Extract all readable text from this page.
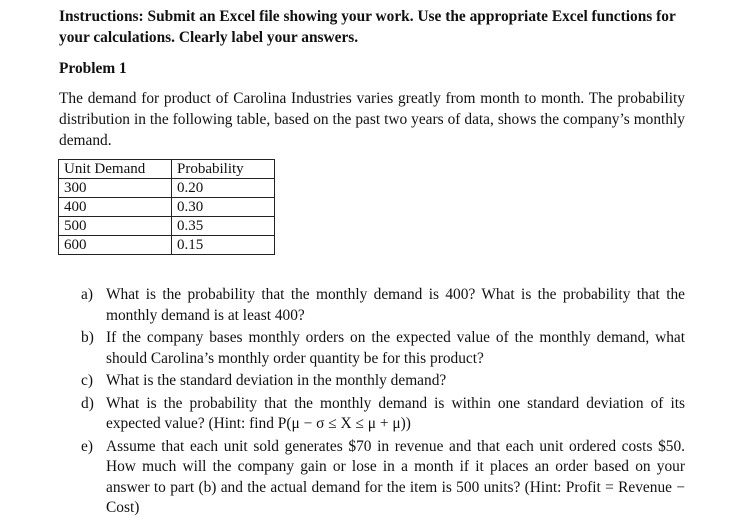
Instructions: Submit an Excel file showing your work. Use the appropriate Excel functions for your calculations. Clearly label your answers.
Problem 1
The demand for product of Carolina Industries varies greatly from month to month. The probability distribution in the following table, based on the past two years of data, shows the company’s monthly demand.
Unit Demand	Probability
300	0.20
400	0.30
500	0.35
600	0.15
a) What is the probability that the monthly demand is 400? What is the probability that the monthly demand is at least 400?
b) If the company bases monthly orders on the expected value of the monthly demand, what should Carolina’s monthly order quantity be for this product?
c) What is the standard deviation in the monthly demand?
d) What is the probability that the monthly demand is within one standard deviation of its expected value? (Hint: find P(μ − σ ≤ X ≤ μ + μ))
e) Assume that each unit sold generates $70 in revenue and that each unit ordered costs $50. How much will the company gain or lose in a month if it places an order based on your answer to part (b) and the actual demand for the item is 500 units? (Hint: Profit = Revenue − Cost)
